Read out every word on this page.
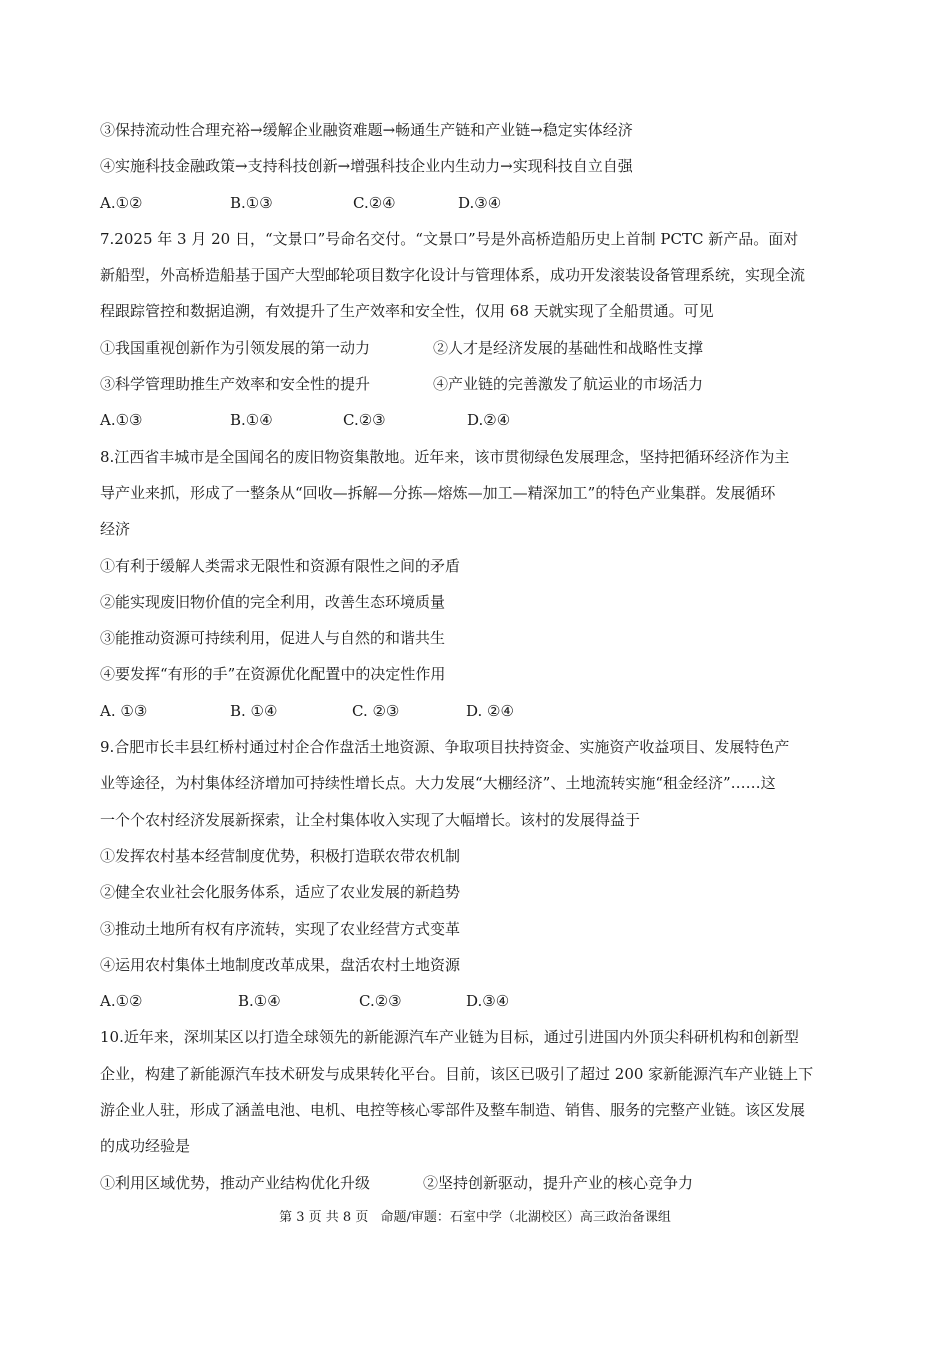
③保持流动性合理充裕→缓解企业融资难题→畅通生产链和产业链→稳定实体经济
④实施科技金融政策→支持科技创新→增强科技企业内生动力→实现科技自立自强
A.①②	B.①③	C.②④	D.③④
7.2025 年 3 月 20 日，“文景口”号命名交付。“文景口”号是外高桥造船历史上首制 PCTC 新产品。面对
新船型，外高桥造船基于国产大型邮轮项目数字化设计与管理体系，成功开发滚装设备管理系统，实现全流
程跟踪管控和数据追溯，有效提升了生产效率和安全性，仅用 68 天就实现了全船贯通。可见
①我国重视创新作为引领发展的第一动力	②人才是经济发展的基础性和战略性支撑
③科学管理助推生产效率和安全性的提升	④产业链的完善激发了航运业的市场活力
A.①③	B.①④	C.②③	D.②④
8.江西省丰城市是全国闻名的废旧物资集散地。近年来，该市贯彻绿色发展理念，坚持把循环经济作为主
导产业来抓，形成了一整条从“回收—拆解—分拣—熔炼—加工—精深加工”的特色产业集群。发展循环
经济
①有利于缓解人类需求无限性和资源有限性之间的矛盾
②能实现废旧物价值的完全利用，改善生态环境质量
③能推动资源可持续利用，促进人与自然的和谐共生
④要发挥“有形的手”在资源优化配置中的决定性作用
A. ①③	B. ①④	C. ②③	D. ②④
9.合肥市长丰县红桥村通过村企合作盘活土地资源、争取项目扶持资金、实施资产收益项目、发展特色产
业等途径，为村集体经济增加可持续性增长点。大力发展“大棚经济”、土地流转实施“租金经济”……这
一个个农村经济发展新探索，让全村集体收入实现了大幅增长。该村的发展得益于
①发挥农村基本经营制度优势，积极打造联农带农机制
②健全农业社会化服务体系，适应了农业发展的新趋势
③推动土地所有权有序流转，实现了农业经营方式变革
④运用农村集体土地制度改革成果，盘活农村土地资源
A.①②	B.①④	C.②③	D.③④
10.近年来，深圳某区以打造全球领先的新能源汽车产业链为目标，通过引进国内外顶尖科研机构和创新型
企业，构建了新能源汽车技术研发与成果转化平台。目前，该区已吸引了超过 200 家新能源汽车产业链上下
游企业人驻，形成了涵盖电池、电机、电控等核心零部件及整车制造、销售、服务的完整产业链。该区发展
的成功经验是
①利用区域优势，推动产业结构优化升级	②坚持创新驱动，提升产业的核心竞争力
第 3 页 共 8 页 命题/审题：石室中学（北湖校区）高三政治备课组
